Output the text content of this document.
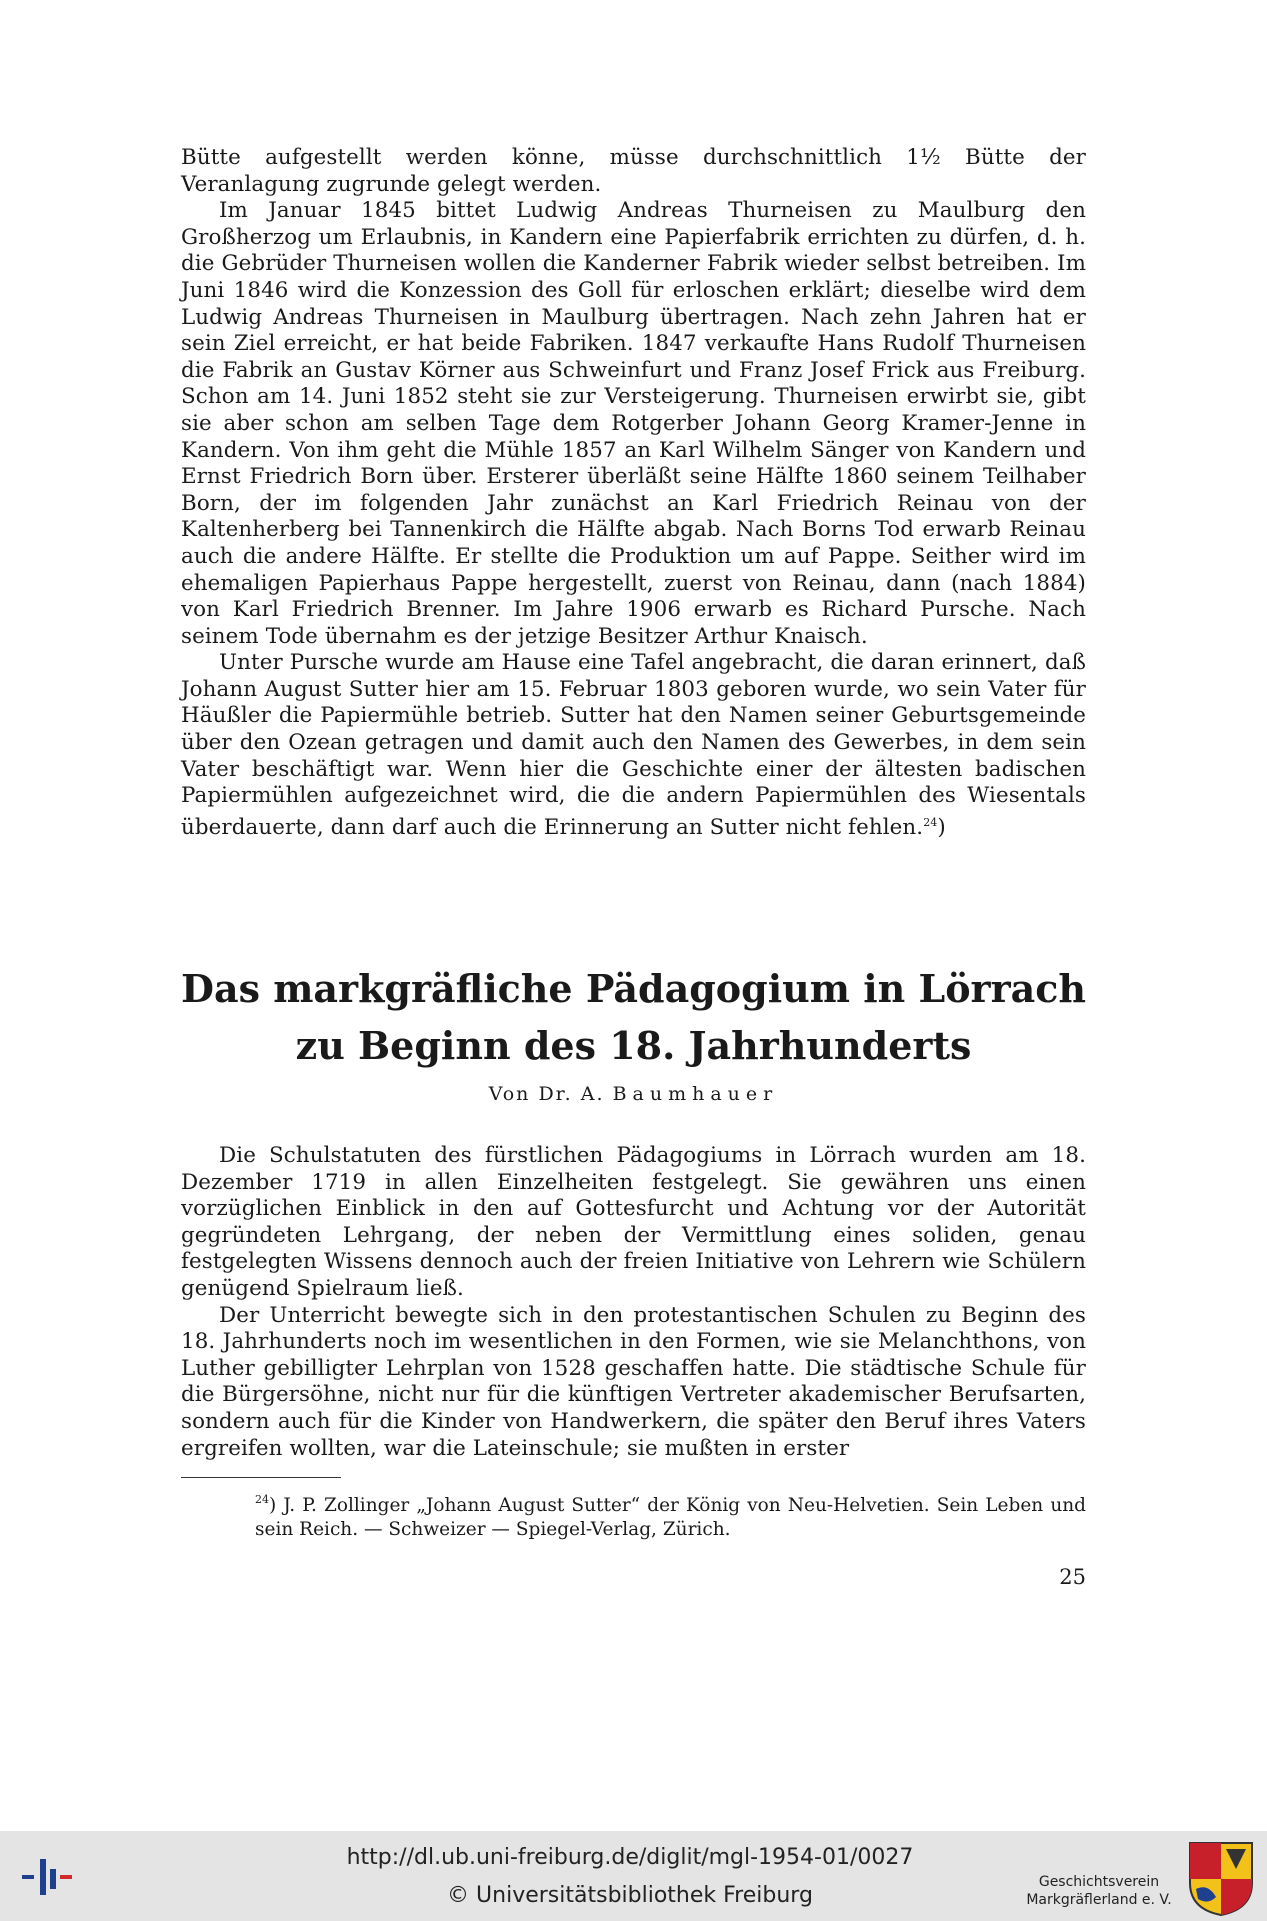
Bütte aufgestellt werden könne, müsse durchschnittlich 1½ Bütte der Veranlagung zugrunde gelegt werden.

Im Januar 1845 bittet Ludwig Andreas Thurneisen zu Maulburg den Großherzog um Erlaubnis, in Kandern eine Papierfabrik errichten zu dürfen, d. h. die Gebrüder Thurneisen wollen die Kanderner Fabrik wieder selbst betreiben. Im Juni 1846 wird die Konzession des Goll für erloschen erklärt; dieselbe wird dem Ludwig Andreas Thurneisen in Maulburg übertragen. Nach zehn Jahren hat er sein Ziel erreicht, er hat beide Fabriken. 1847 verkaufte Hans Rudolf Thurneisen die Fabrik an Gustav Körner aus Schweinfurt und Franz Josef Frick aus Freiburg. Schon am 14. Juni 1852 steht sie zur Versteigerung. Thurneisen erwirbt sie, gibt sie aber schon am selben Tage dem Rotgerber Johann Georg Kramer-Jenne in Kandern. Von ihm geht die Mühle 1857 an Karl Wilhelm Sänger von Kandern und Ernst Friedrich Born über. Ersterer überläßt seine Hälfte 1860 seinem Teilhaber Born, der im folgenden Jahr zunächst an Karl Friedrich Reinau von der Kaltenherberg bei Tannenkirch die Hälfte abgab. Nach Borns Tod erwarb Reinau auch die andere Hälfte. Er stellte die Produktion um auf Pappe. Seither wird im ehemaligen Papierhaus Pappe hergestellt, zuerst von Reinau, dann (nach 1884) von Karl Friedrich Brenner. Im Jahre 1906 erwarb es Richard Pursche. Nach seinem Tode übernahm es der jetzige Besitzer Arthur Knaisch.

Unter Pursche wurde am Hause eine Tafel angebracht, die daran erinnert, daß Johann August Sutter hier am 15. Februar 1803 geboren wurde, wo sein Vater für Häußler die Papiermühle betrieb. Sutter hat den Namen seiner Geburtsgemeinde über den Ozean getragen und damit auch den Namen des Gewerbes, in dem sein Vater beschäftigt war. Wenn hier die Geschichte einer der ältesten badischen Papiermühlen aufgezeichnet wird, die die andern Papiermühlen des Wiesentals überdauerte, dann darf auch die Erinnerung an Sutter nicht fehlen.$^{24}$)

Das markgräfliche Pädagogium in Lörrach
zu Beginn des 18. Jahrhunderts

Von Dr. A. Baumhauer

Die Schulstatuten des fürstlichen Pädagogiums in Lörrach wurden am 18. Dezember 1719 in allen Einzelheiten festgelegt. Sie gewähren uns einen vorzüglichen Einblick in den auf Gottesfurcht und Achtung vor der Autorität gegründeten Lehrgang, der neben der Vermittlung eines soliden, genau festgelegten Wissens dennoch auch der freien Initiative von Lehrern wie Schülern genügend Spielraum ließ.

Der Unterricht bewegte sich in den protestantischen Schulen zu Beginn des 18. Jahrhunderts noch im wesentlichen in den Formen, wie sie Melanchthons, von Luther gebilligter Lehrplan von 1528 geschaffen hatte. Die städtische Schule für die Bürgersöhne, nicht nur für die künftigen Vertreter akademischer Berufsarten, sondern auch für die Kinder von Handwerkern, die später den Beruf ihres Vaters ergreifen wollten, war die Lateinschule; sie mußten in erster

$^{24}$) J. P. Zollinger „Johann August Sutter“ der König von Neu-Helvetien. Sein Leben und sein Reich. — Schweizer — Spiegel-Verlag, Zürich.

25

http://dl.ub.uni-freiburg.de/diglit/mgl-1954-01/0027
© Universitätsbibliothek Freiburg
Geschichtsverein
Markgräflerland e. V.
